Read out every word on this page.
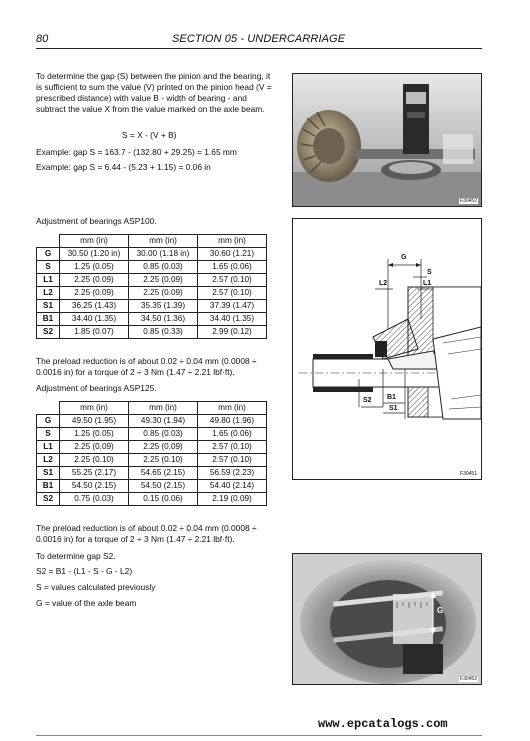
80	SECTION 05 - UNDERCARRIAGE

To determine the gap (S) between the pinion and the bearing, it is sufficient to sum the value (V) printed on the pinion head (V = prescribed distance) with value B - width of bearing - and subtract the value X from the value marked on the axle beam.

S = X - (V + B)
Example: gap S = 163.7 - (132.80 + 29.25) = 1.65 mm
Example: gap S = 6.44 - (5.23 + 1.15) = 0.06 in
Adjustment of bearings ASP100.
	mm (in)	mm (in)	mm (in)
G	30.50 (1.20 in)	30.00 (1.18 in)	30.60 (1.21)
S	1.25 (0.05)	0.85 (0.03)	1.65 (0.06)
L1	2.25 (0.09)	2.25 (0.09)	2.57 (0.10)
L2	2.25 (0.09)	2.25 (0.09)	2.57 (0.10)
S1	36.25 (1.43)	35.35 (1.39)	37.39 (1.47)
B1	34.40 (1.35)	34.50 (1.36)	34.40 (1.35)
S2	1.85 (0.07)	0.85 (0.33)	2.99 (0.12)

The preload reduction is of about 0.02 ÷ 0.04 mm (0.0008 ÷ 0.0016 in) for a torque of 2 ÷ 3 Nm (1.47 ÷ 2.21 lbf·ft).

Adjustment of bearings ASP125.
	mm (in)	mm (in)	mm (in)
G	49.50 (1.95)	49.30 (1.94)	49.80 (1.96)
S	1.25 (0.05)	0.85 (0.03)	1.65 (0.06)
L1	2.25 (0.09)	2.25 (0.09)	2.57 (0.10)
L2	2.25 (0.10)	2.25 (0.10)	2.57 (0.10)
S1	55.25 (2.17)	54.65 (2.15)	56.59 (2.23)
B1	54.50 (2.15)	54.50 (2.15)	54.40 (2.14)
S2	0.75 (0.03)	0.15 (0.06)	2.19 (0.09)

The preload reduction is of about 0.02 ÷ 0.04 mm (0.0008 ÷ 0.0016 in) for a torque of 2 ÷ 3 Nm (1.47 ÷ 2.21 lbf·ft).

To determine gap S2.
S2 = B1 - (L1 - S - G - L2)
S = values calculated previously
G = value of the axle beam
F30452
G
S
L2	L1
S2 B1
S1
F30451
G
F30452
www.epcatalogs.com
